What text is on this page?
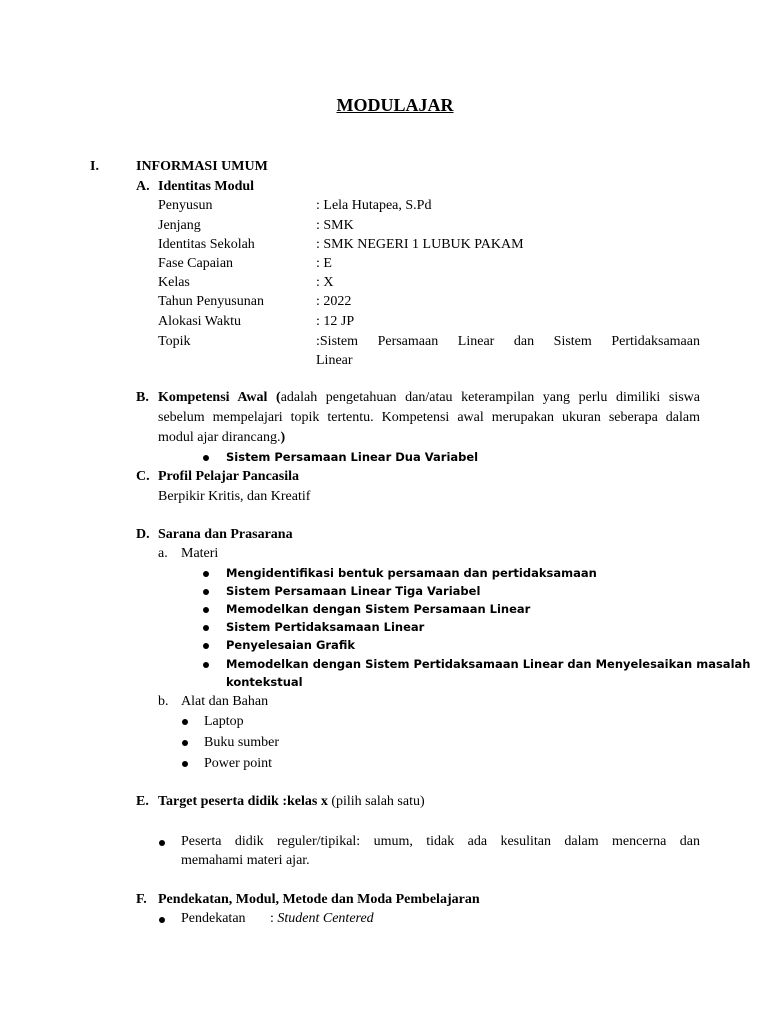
MODULAJAR
I.	INFORMASI UMUM
A. Identitas Modul
Penyusun	: Lela Hutapea, S.Pd
Jenjang	: SMK
Identitas Sekolah	: SMK NEGERI 1 LUBUK PAKAM
Fase Capaian	: E
Kelas	: X
Tahun Penyusunan	: 2022
Alokasi Waktu	: 12 JP
Topik	:Sistem Persamaan Linear dan Sistem Pertidaksamaan
Linear
B. Kompetensi Awal (adalah pengetahuan dan/atau keterampilan yang perlu dimiliki siswa
sebelum mempelajari topik tertentu. Kompetensi awal merupakan ukuran seberapa dalam
modul ajar dirancang.)
Sistem Persamaan Linear Dua Variabel
C. Profil Pelajar Pancasila
Berpikir Kritis, dan Kreatif
D. Sarana dan Prasarana
a. Materi
Mengidentifikasi bentuk persamaan dan pertidaksamaan
Sistem Persamaan Linear Tiga Variabel
Memodelkan dengan Sistem Persamaan Linear
Sistem Pertidaksamaan Linear
Penyelesaian Grafik
Memodelkan dengan Sistem Pertidaksamaan Linear dan Menyelesaikan masalah
kontekstual
b. Alat dan Bahan
Laptop
Buku sumber
Power point
E. Target peserta didik :kelas x (pilih salah satu)
Peserta didik reguler/tipikal: umum, tidak ada kesulitan dalam mencerna dan
memahami materi ajar.
F. Pendekatan, Modul, Metode dan Moda Pembelajaran
Pendekatan : Student Centered
